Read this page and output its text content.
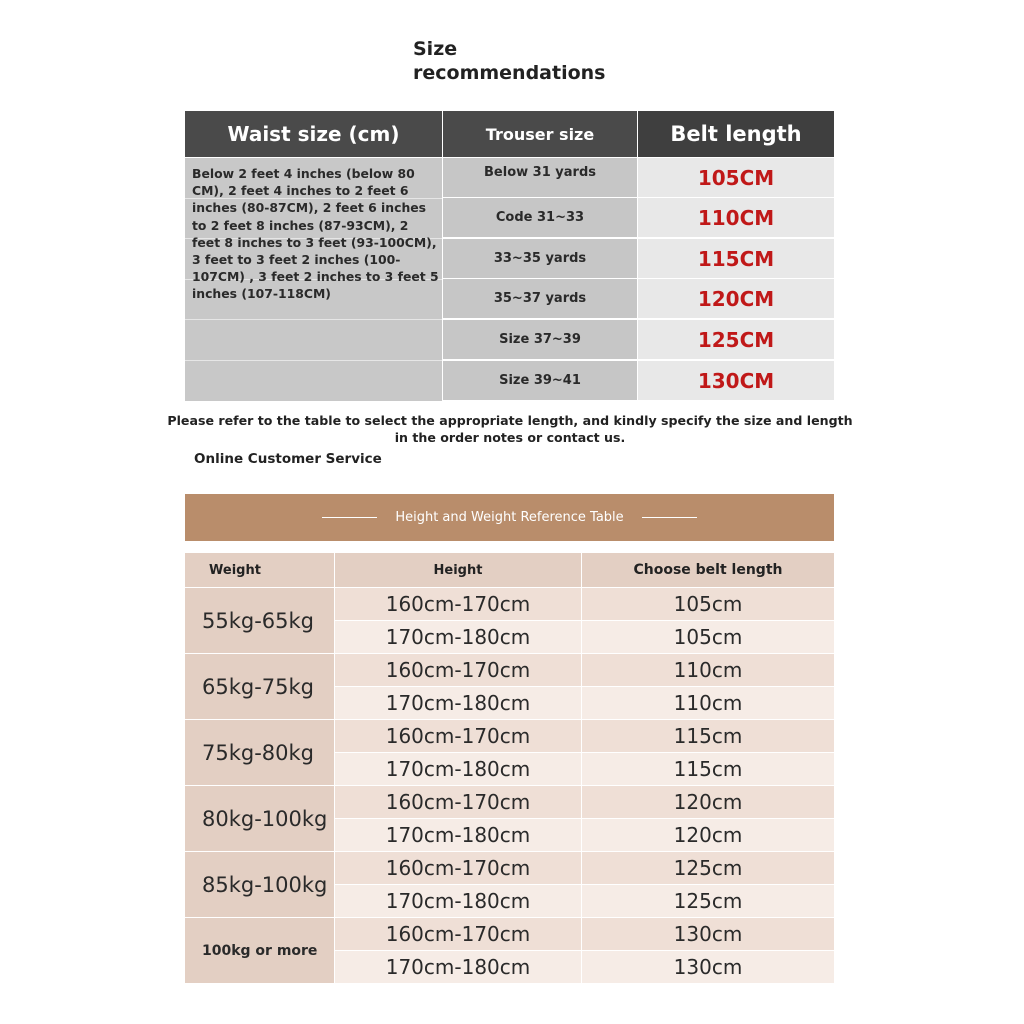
Size
recommendations
Waist size (cm)	Trouser size	Belt length
Below 2 feet 4 inches (below 80 CM), 2 feet 4 inches to 2 feet 6 inches (80-87CM), 2 feet 6 inches to 2 feet 8 inches (87-93CM), 2 feet 8 inches to 3 feet (93-100CM), 3 feet to 3 feet 2 inches (100-107CM) , 3 feet 2 inches to 3 feet 5 inches (107-118CM)
Below 31 yards	105CM
Code 31~33	110CM
33~35 yards	115CM
35~37 yards	120CM
Size 37~39	125CM
Size 39~41	130CM
Please refer to the table to select the appropriate length, and kindly specify the size and length in the order notes or contact us.
Online Customer Service
Height and Weight Reference Table
Weight	Height	Choose belt length
55kg-65kg
160cm-170cm	105cm
170cm-180cm	105cm
65kg-75kg
160cm-170cm	110cm
170cm-180cm	110cm
75kg-80kg
160cm-170cm	115cm
170cm-180cm	115cm
80kg-100kg
160cm-170cm	120cm
170cm-180cm	120cm
85kg-100kg
160cm-170cm	125cm
170cm-180cm	125cm
100kg or more
160cm-170cm	130cm
170cm-180cm	130cm
